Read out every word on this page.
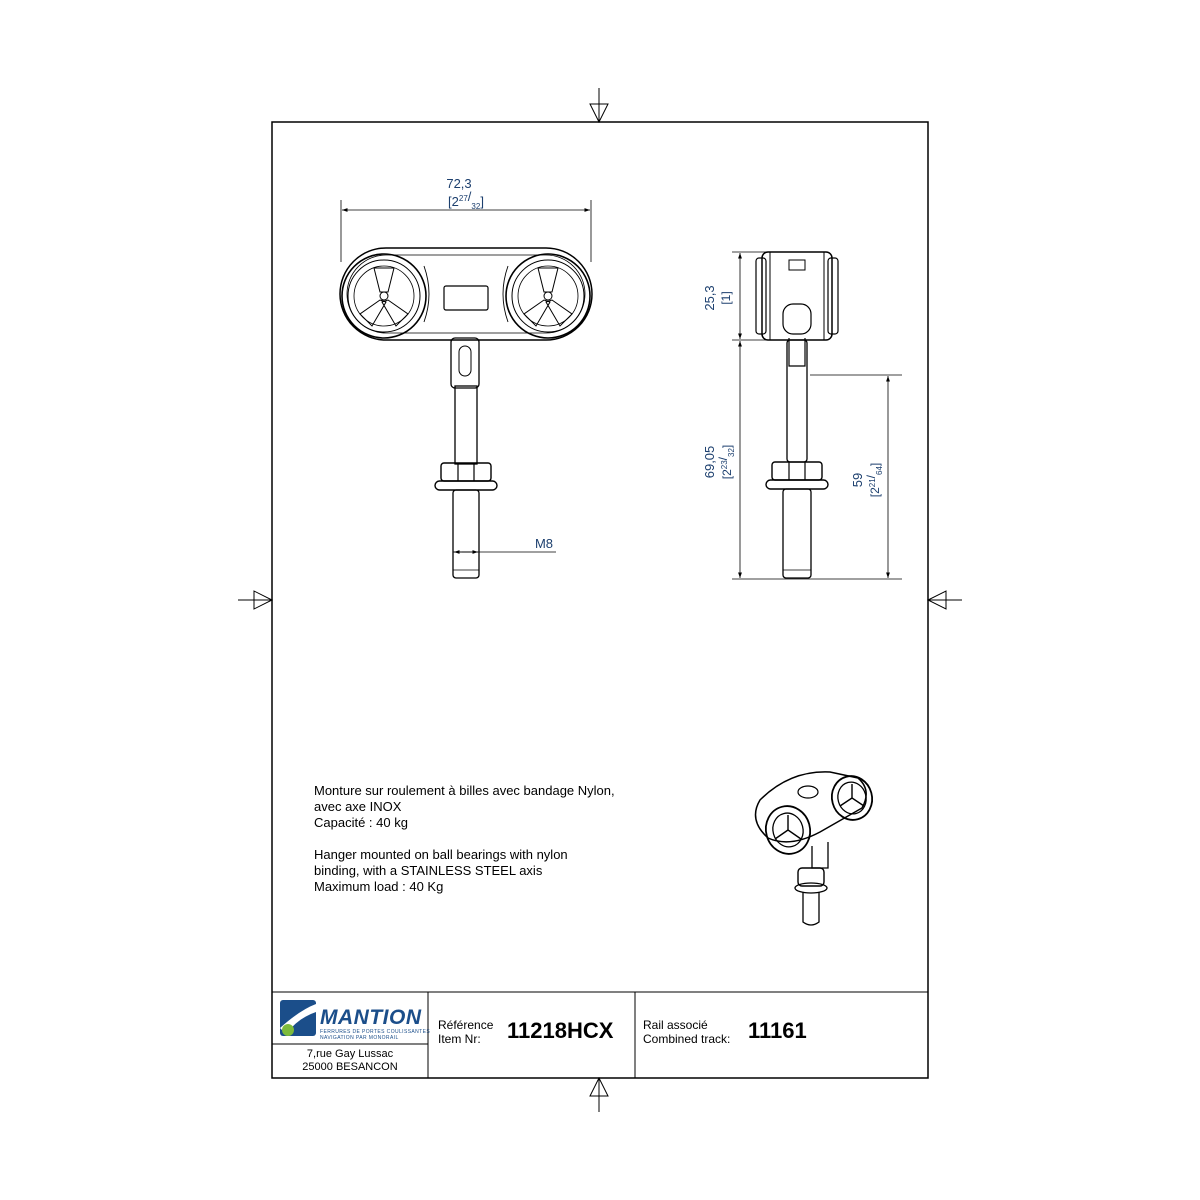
72,3
$[2^{27}/_{32}]$
M8
25,3 [1]
69,05 $[2^{23}/_{32}]$
59
$[2^{21}/_{64}]$
MANTION
FERRURES DE PORTES COULISSANTES
NAVIGATION PAR MONORAIL
7,rue Gay Lussac
25000 BESANCON
Référence
Item Nr:	11218HCX Rail associé
Combined track: 11161

Monture sur roulement à billes avec bandage Nylon,

avec axe INOX

Capacité : 40 kg

Hanger mounted on ball bearings with nylon

binding, with a STAINLESS STEEL axis

Maximum load : 40 Kg
